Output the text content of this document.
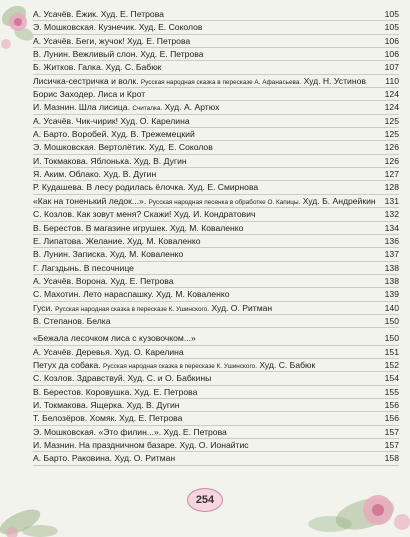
А. Усачёв. Ёжик. Худ. Е. Петрова	105
Э. Мошковская. Кузнечик. Худ. Е. Соколов	105
А. Усачёв. Беги, жучок! Худ. Е. Петрова	106
В. Лунин. Вежливый слон. Худ. Е. Петрова	106
Б. Житков. Галка. Худ. С. Бабюк	107
Лисичка-сестричка и волк. Русская народная сказка в пересказе А. Афанасьева. Худ. Н. Устинов	110
Борис Заходер. Лиса и Крот	124
И. Мазнин. Шла лисица. Считалка. Худ. А. Артюх	124
А. Усачёв. Чик-чирик! Худ. О. Карелина	125
А. Барто. Воробей. Худ. В. Трежемецкий	125
Э. Мошковская. Вертолётик. Худ. Е. Соколов	126
И. Токмакова. Яблонька. Худ. В. Дугин	126
Я. Аким. Облако. Худ. В. Дугин	127
Р. Кудашева. В лесу родилась ёлочка. Худ. Е. Смирнова	128
«Как на тоненький ледок...». Русская народная песенка в обработке О. Капицы. Худ. Б. Андрейкин	131
С. Козлов. Как зовут меня? Скажи! Худ. И. Кондратович	132
В. Берестов. В магазине игрушек. Худ. М. Коваленко	134
Е. Липатова. Желание. Худ. М. Коваленко	136
В. Лунин. Записка. Худ. М. Коваленко	137
Г. Лагздынь. В песочнице	138
А. Усачёв. Ворона. Худ. Е. Петрова	138
С. Махотин. Лето нараспашку. Худ. М. Коваленко	139
Гуси. Русская народная сказка в пересказе К. Ушинского. Худ. О. Ритман	140
В. Степанов. Белка	150
«Бежала лесочком лиса с кузовочком...»	150
А. Усачёв. Деревья. Худ. О. Карелина	151
Петух да собака. Русская народная сказка в пересказе К. Ушинского. Худ. С. Бабюк	152
С. Козлов. Здравствуй. Худ. С. и О. Бабкины	154
В. Берестов. Коровушка. Худ. Е. Петрова	155
И. Токмакова. Ящерка. Худ. В. Дугин	156
Т. Белозёров. Хомяк. Худ. Е. Петрова	156
Э. Мошковская. «Это филин...». Худ. Е. Петрова	157
И. Мазнин. На праздничном базаре. Худ. О. Ионайтис	157
А. Барто. Раковина. Худ. О. Ритман	158
254
